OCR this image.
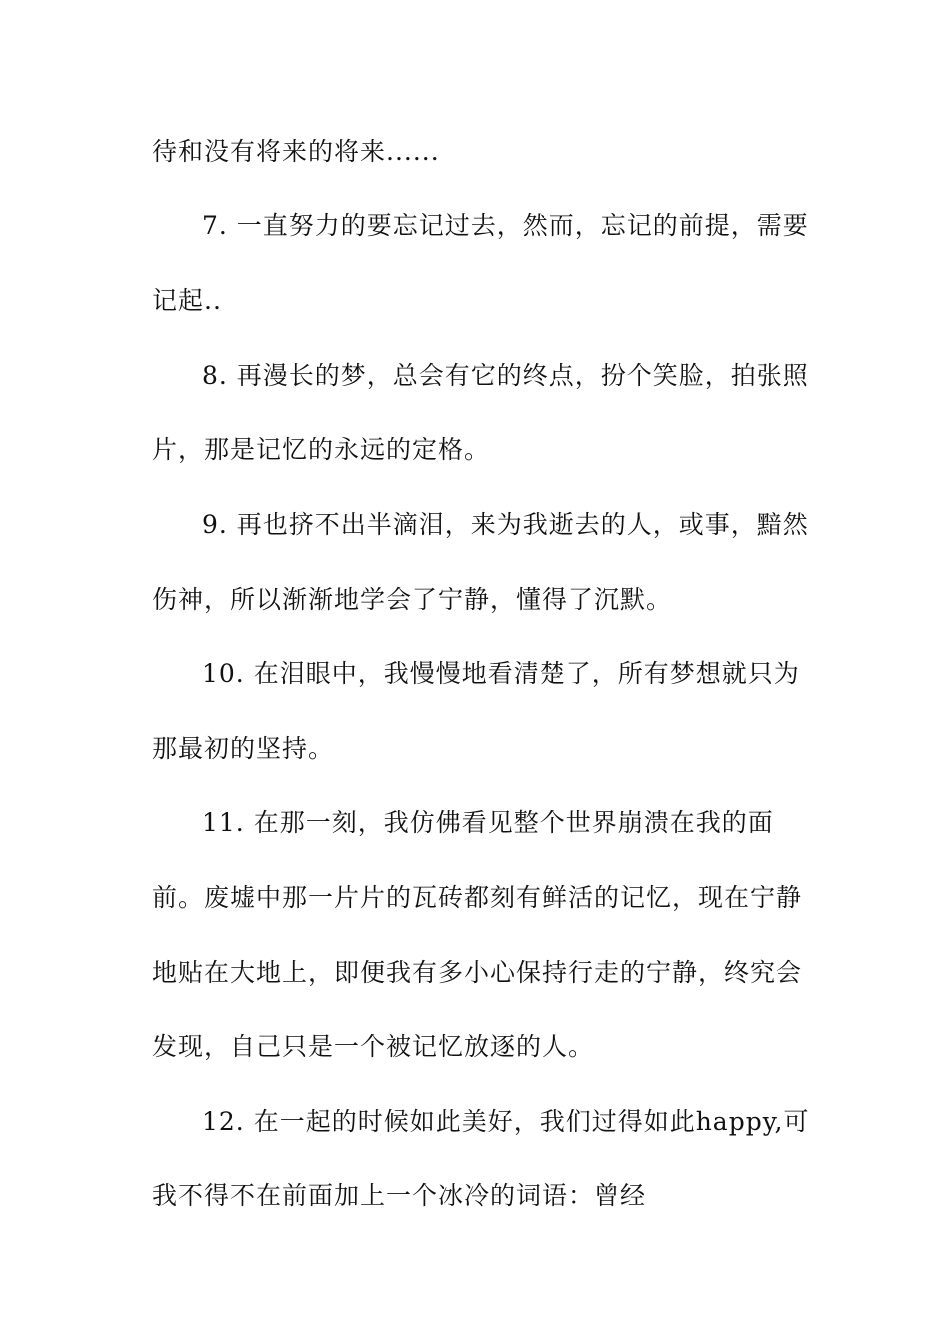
待和没有将来的将来......
7. 一直努力的要忘记过去，然而，忘记的前提，需要
记起..
8. 再漫长的梦，总会有它的终点，扮个笑脸，拍张照
片，那是记忆的永远的定格。
9. 再也挤不出半滴泪，来为我逝去的人，或事，黯然
伤神，所以渐渐地学会了宁静，懂得了沉默。
10. 在泪眼中，我慢慢地看清楚了，所有梦想就只为
那最初的坚持。
11. 在那一刻，我仿佛看见整个世界崩溃在我的面
前。废墟中那一片片的瓦砖都刻有鲜活的记忆，现在宁静
地贴在大地上，即便我有多小心保持行走的宁静，终究会
发现，自己只是一个被记忆放逐的人。
12. 在一起的时候如此美好，我们过得如此happy,可
我不得不在前面加上一个冰冷的词语：曾经
